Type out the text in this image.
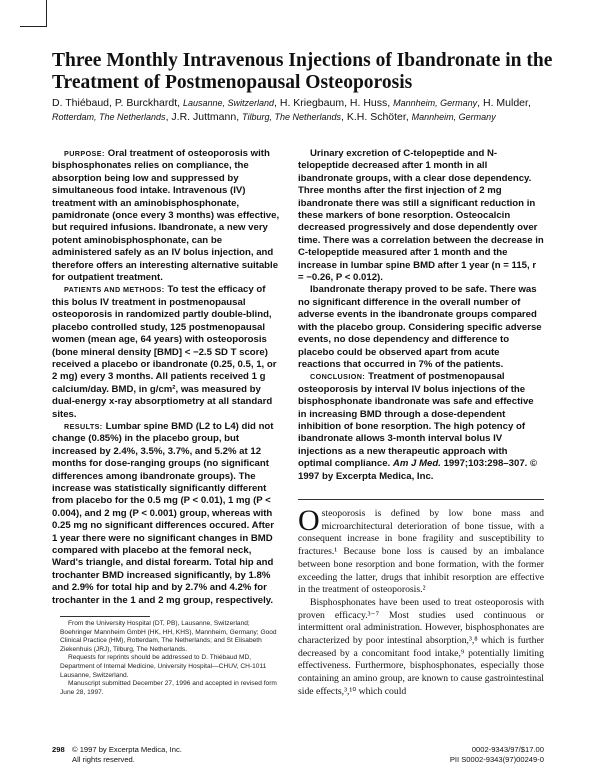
Three Monthly Intravenous Injections of Ibandronate in the Treatment of Postmenopausal Osteoporosis

D. Thiébaud, P. Burckhardt, Lausanne, Switzerland, H. Kriegbaum, H. Huss, Mannheim, Germany, H. Mulder, Rotterdam, The Netherlands, J.R. Juttmann, Tilburg, The Netherlands, K.H. Schöter, Mannheim, Germany

PURPOSE: Oral treatment of osteoporosis with bisphosphonates relies on compliance, the absorption being low and suppressed by simultaneous food intake. Intravenous (IV) treatment with an aminobisphosphonate, pamidronate (once every 3 months) was effective, but required infusions. Ibandronate, a new very potent aminobisphosphonate, can be administered safely as an IV bolus injection, and therefore offers an interesting alternative suitable for outpatient treatment.

PATIENTS AND METHODS: To test the efficacy of this bolus IV treatment in postmenopausal osteoporosis in randomized partly double-blind, placebo controlled study, 125 postmenopausal women (mean age, 64 years) with osteoporosis (bone mineral density [BMD] < −2.5 SD T score) received a placebo or ibandronate (0.25, 0.5, 1, or 2 mg) every 3 months. All patients received 1 g calcium/day. BMD, in g/cm², was measured by dual-energy x-ray absorptiometry at all standard sites.

RESULTS: Lumbar spine BMD (L2 to L4) did not change (0.85%) in the placebo group, but increased by 2.4%, 3.5%, 3.7%, and 5.2% at 12 months for dose-ranging groups (no significant differences among ibandronate groups). The increase was statistically significantly different from placebo for the 0.5 mg (P < 0.01), 1 mg (P < 0.004), and 2 mg (P < 0.001) group, whereas with 0.25 mg no significant differences occured. After 1 year there were no significant changes in BMD compared with placebo at the femoral neck, Ward's triangle, and distal forearm. Total hip and trochanter BMD increased significantly, by 1.8% and 2.9% for total hip and by 2.7% and 4.2% for trochanter in the 1 and 2 mg group, respectively.

Urinary excretion of C-telopeptide and N-telopeptide decreased after 1 month in all ibandronate groups, with a clear dose dependency. Three months after the first injection of 2 mg ibandronate there was still a significant reduction in these markers of bone resorption. Osteocalcin decreased progressively and dose dependently over time. There was a correlation between the decrease in C-telopeptide measured after 1 month and the increase in lumbar spine BMD after 1 year (n = 115, r = −0.26, P < 0.012).

Ibandronate therapy proved to be safe. There was no significant difference in the overall number of adverse events in the ibandronate groups compared with the placebo group. Considering specific adverse events, no dose dependency and difference to placebo could be observed apart from acute reactions that occurred in 7% of the patients.

CONCLUSION: Treatment of postmenopausal osteoporosis by interval IV bolus injections of the bisphosphonate ibandronate was safe and effective in increasing BMD through a dose-dependent inhibition of bone resorption. The high potency of ibandronate allows 3-month interval bolus IV injections as a new therapeutic approach with optimal compliance. Am J Med. 1997;103:298–307. © 1997 by Excerpta Medica, Inc.

Osteoporosis is defined by low bone mass and microarchitectural deterioration of bone tissue, with a consequent increase in bone fragility and susceptibility to fractures.¹ Because bone loss is caused by an imbalance between bone resorption and bone formation, with the former exceeding the latter, drugs that inhibit resorption are effective in the treatment of osteoporosis.²

Bisphosphonates have been used to treat osteoporosis with proven efficacy.³⁻⁷ Most studies used continuous or intermittent oral administration. However, bisphosphonates are characterized by poor intestinal absorption,³,⁸ which is further decreased by a concomitant food intake,⁹ potentially limiting effectiveness. Furthermore, bisphosphonates, especially those containing an amino group, are known to cause gastrointestinal side effects,³,¹⁰ which could

From the University Hospital (DT, PB), Lausanne, Switzerland; Boehringer Mannheim GmbH (HK, HH, KHS), Mannheim, Germany; Good Clinical Practice (HM), Rotterdam, The Netherlands; and St Elisabeth Ziekenhuis (JRJ), Tilburg, The Netherlands.

Requests for reprints should be addressed to D. Thiébaud MD, Department of Internal Medicine, University Hospital—CHUV, CH-1011 Lausanne, Switzerland.

Manuscript submitted December 27, 1996 and accepted in revised form June 28, 1997.

298 © 1997 by Excerpta Medica, Inc.
All rights reserved.
0002-9343/97/$17.00
PII S0002-9343(97)00249-0
